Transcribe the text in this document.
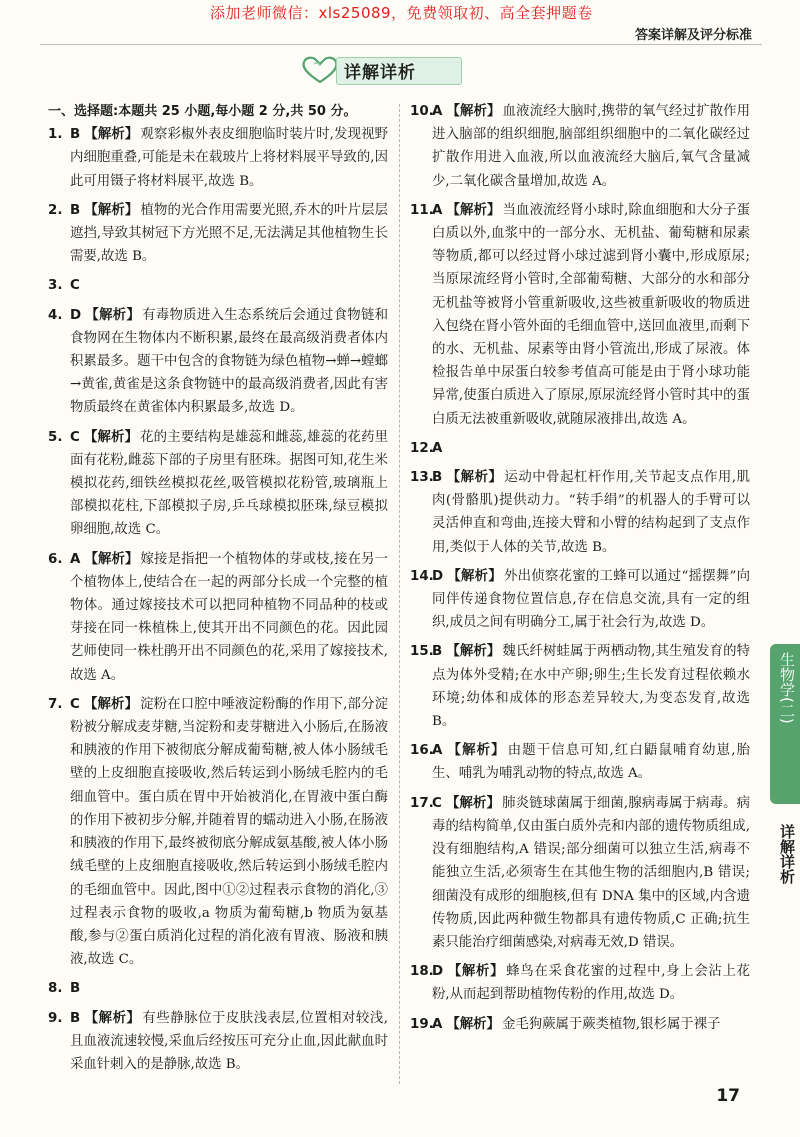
添加老师微信：xls25089，免费领取初、高全套押题卷
答案详解及评分标准
详解详析
一、选择题:本题共 25 小题,每小题 2 分,共 50 分。
1. B 【解析】 观察彩椒外表皮细胞临时装片时,发现视野内细胞重叠,可能是未在载玻片上将材料展平导致的,因此可用镊子将材料展平,故选 B。
2. B 【解析】 植物的光合作用需要光照,乔木的叶片层层遮挡,导致其树冠下方光照不足,无法满足其他植物生长需要,故选 B。
3. C
4. D 【解析】 有毒物质进入生态系统后会通过食物链和食物网在生物体内不断积累,最终在最高级消费者体内积累最多。题干中包含的食物链为绿色植物→蝉→螳螂→黄雀,黄雀是这条食物链中的最高级消费者,因此有害物质最终在黄雀体内积累最多,故选 D。
5. C 【解析】 花的主要结构是雄蕊和雌蕊,雄蕊的花药里面有花粉,雌蕊下部的子房里有胚珠。据图可知,花生米模拟花药,细铁丝模拟花丝,吸管模拟花粉管,玻璃瓶上部模拟花柱,下部模拟子房,乒乓球模拟胚珠,绿豆模拟卵细胞,故选 C。
6. A 【解析】 嫁接是指把一个植物体的芽或枝,接在另一个植物体上,使结合在一起的两部分长成一个完整的植物体。通过嫁接技术可以把同种植物不同品种的枝或芽接在同一株植株上,使其开出不同颜色的花。因此园艺师使同一株杜鹃开出不同颜色的花,采用了嫁接技术,故选 A。
7. C 【解析】 淀粉在口腔中唾液淀粉酶的作用下,部分淀粉被分解成麦芽糖,当淀粉和麦芽糖进入小肠后,在肠液和胰液的作用下被彻底分解成葡萄糖,被人体小肠绒毛壁的上皮细胞直接吸收,然后转运到小肠绒毛腔内的毛细血管中。蛋白质在胃中开始被消化,在胃液中蛋白酶的作用下被初步分解,并随着胃的蠕动进入小肠,在肠液和胰液的作用下,最终被彻底分解成氨基酸,被人体小肠绒毛壁的上皮细胞直接吸收,然后转运到小肠绒毛腔内的毛细血管中。因此,图中①②过程表示食物的消化,③过程表示食物的吸收,a 物质为葡萄糖,b 物质为氨基酸,参与②蛋白质消化过程的消化液有胃液、肠液和胰液,故选 C。
8. B
9. B 【解析】 有些静脉位于皮肤浅表层,位置相对较浅,且血液流速较慢,采血后经按压可充分止血,因此献血时采血针刺入的是静脉,故选 B。
10.
A 【解析】 血液流经大脑时,携带的氧气经过扩散作用进入脑部的组织细胞,脑部组织细胞中的二氧化碳经过扩散作用进入血液,所以血液流经大脑后,氧气含量减少,二氧化碳含量增加,故选 A。
11.
A 【解析】 当血液流经肾小球时,除血细胞和大分子蛋白质以外,血浆中的一部分水、无机盐、葡萄糖和尿素等物质,都可以经过肾小球过滤到肾小囊中,形成原尿;当原尿流经肾小管时,全部葡萄糖、大部分的水和部分无机盐等被肾小管重新吸收,这些被重新吸收的物质进入包绕在肾小管外面的毛细血管中,送回血液里,而剩下的水、无机盐、尿素等由肾小管流出,形成了尿液。体检报告单中尿蛋白较参考值高可能是由于肾小球功能异常,使蛋白质进入了原尿,原尿流经肾小管时其中的蛋白质无法被重新吸收,就随尿液排出,故选 A。
12.
A
13.
B 【解析】 运动中骨起杠杆作用,关节起支点作用,肌肉(骨骼肌)提供动力。“转手绢”的机器人的手臂可以灵活伸直和弯曲,连接大臂和小臂的结构起到了支点作用,类似于人体的关节,故选 B。
14.
D 【解析】 外出侦察花蜜的工蜂可以通过“摇摆舞”向同伴传递食物位置信息,存在信息交流,具有一定的组织,成员之间有明确分工,属于社会行为,故选 D。
15.
B 【解析】 魏氏纤树蛙属于两栖动物,其生殖发育的特点为体外受精;在水中产卵;卵生;生长发育过程依赖水环境;幼体和成体的形态差异较大,为变态发育,故选 B。
16.
A 【解析】 由题干信息可知,红白鼯鼠哺育幼崽,胎生、哺乳为哺乳动物的特点,故选 A。
17.
C 【解析】 肺炎链球菌属于细菌,腺病毒属于病毒。病毒的结构简单,仅由蛋白质外壳和内部的遗传物质组成,没有细胞结构,A 错误;部分细菌可以独立生活,病毒不能独立生活,必须寄生在其他生物的活细胞内,B 错误;细菌没有成形的细胞核,但有 DNA 集中的区域,内含遗传物质,因此两种微生物都具有遗传物质,C 正确;抗生素只能治疗细菌感染,对病毒无效,D 错误。
18.
D 【解析】 蜂鸟在采食花蜜的过程中,身上会沾上花粉,从而起到帮助植物传粉的作用,故选 D。
19.
A 【解析】 金毛狗蕨属于蕨类植物,银杉属于裸子
生物学(二)
详解详析
17
